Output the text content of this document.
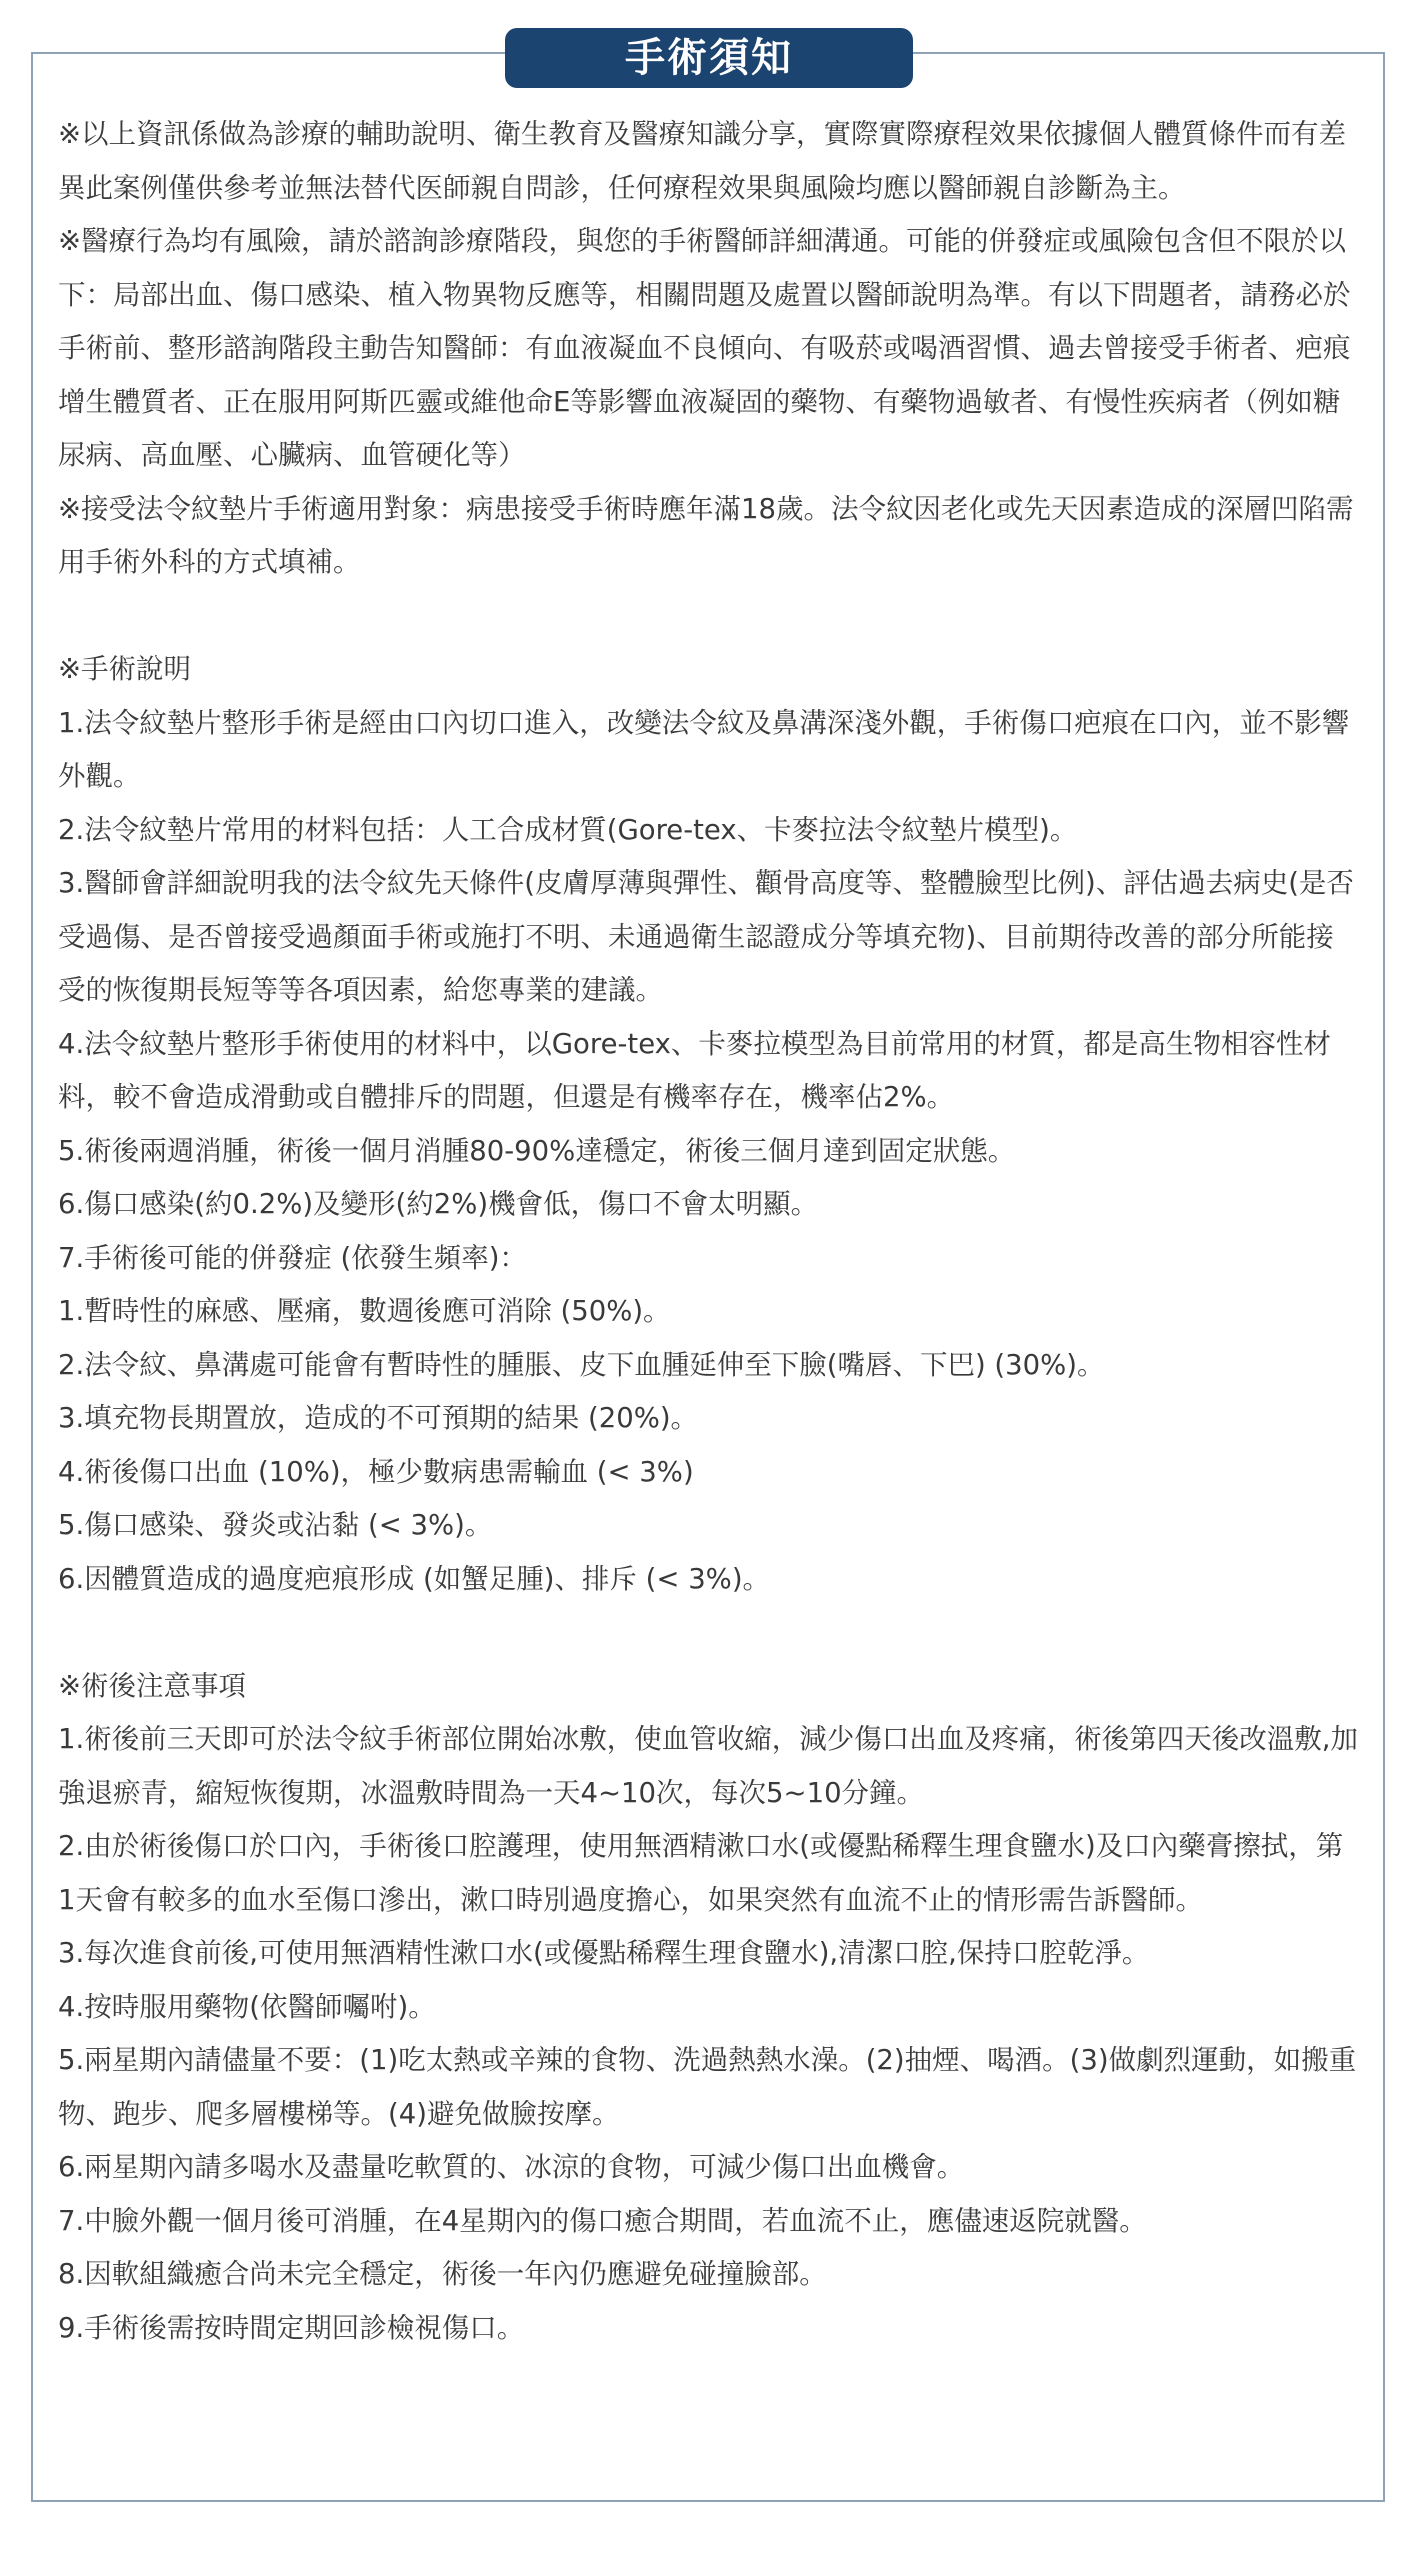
手術須知

※以上資訊係做為診療的輔助說明、衛生教育及醫療知識分享，實際實際療程效果依據個人體質條件而有差異此案例僅供參考並無法替代医師親自問診，任何療程效果與風險均應以醫師親自診斷為主。

※醫療行為均有風險，請於諮詢診療階段，與您的手術醫師詳細溝通。可能的併發症或風險包含但不限於以下：局部出血、傷口感染、植入物異物反應等，相關問題及處置以醫師說明為準。有以下問題者，請務必於手術前、整形諮詢階段主動告知醫師：有血液凝血不良傾向、有吸菸或喝酒習慣、過去曾接受手術者、疤痕增生體質者、正在服用阿斯匹靈或維他命E等影響血液凝固的藥物、有藥物過敏者、有慢性疾病者（例如糖尿病、高血壓、心臟病、血管硬化等）

※接受法令紋墊片手術適用對象：病患接受手術時應年滿18歲。法令紋因老化或先天因素造成的深層凹陷需用手術外科的方式填補。

※手術說明

1.法令紋墊片整形手術是經由口內切口進入，改變法令紋及鼻溝深淺外觀，手術傷口疤痕在口內，並不影響外觀。

2.法令紋墊片常用的材料包括：人工合成材質(Gore-tex、卡麥拉法令紋墊片模型)。

3.醫師會詳細說明我的法令紋先天條件(皮膚厚薄與彈性、顴骨高度等、整體臉型比例)、評估過去病史(是否受過傷、是否曾接受過顏面手術或施打不明、未通過衛生認證成分等填充物)、目前期待改善的部分所能接受的恢復期長短等等各項因素，給您專業的建議。

4.法令紋墊片整形手術使用的材料中，以Gore-tex、卡麥拉模型為目前常用的材質，都是高生物相容性材料，較不會造成滑動或自體排斥的問題，但還是有機率存在，機率佔2%。

5.術後兩週消腫，術後一個月消腫80-90%達穩定，術後三個月達到固定狀態。

6.傷口感染(約0.2%)及變形(約2%)機會低，傷口不會太明顯。

7.手術後可能的併發症 (依發生頻率)：

1.暫時性的麻感、壓痛，數週後應可消除 (50%)。

2.法令紋、鼻溝處可能會有暫時性的腫脹、皮下血腫延伸至下臉(嘴唇、下巴) (30%)。

3.填充物長期置放，造成的不可預期的結果 (20%)。

4.術後傷口出血 (10%)，極少數病患需輸血 (< 3%)

5.傷口感染、發炎或沾黏 (< 3%)。

6.因體質造成的過度疤痕形成 (如蟹足腫)、排斥 (< 3%)。

※術後注意事項

1.術後前三天即可於法令紋手術部位開始冰敷，使血管收縮，減少傷口出血及疼痛，術後第四天後改溫敷,加強退瘀青，縮短恢復期，冰溫敷時間為一天4~10次，每次5~10分鐘。

2.由於術後傷口於口內，手術後口腔護理，使用無酒精漱口水(或優點稀釋生理食鹽水)及口內藥膏擦拭，第1天會有較多的血水至傷口滲出，漱口時別過度擔心，如果突然有血流不止的情形需告訴醫師。

3.每次進食前後,可使用無酒精性漱口水(或優點稀釋生理食鹽水),清潔口腔,保持口腔乾淨。

4.按時服用藥物(依醫師囑咐)。

5.兩星期內請儘量不要：(1)吃太熱或辛辣的食物、洗過熱熱水澡。(2)抽煙、喝酒。(3)做劇烈運動，如搬重物、跑步、爬多層樓梯等。(4)避免做臉按摩。

6.兩星期內請多喝水及盡量吃軟質的、冰涼的食物，可減少傷口出血機會。

7.中臉外觀一個月後可消腫，在4星期內的傷口癒合期間，若血流不止，應儘速返院就醫。

8.因軟組織癒合尚未完全穩定，術後一年內仍應避免碰撞臉部。

9.手術後需按時間定期回診檢視傷口。
